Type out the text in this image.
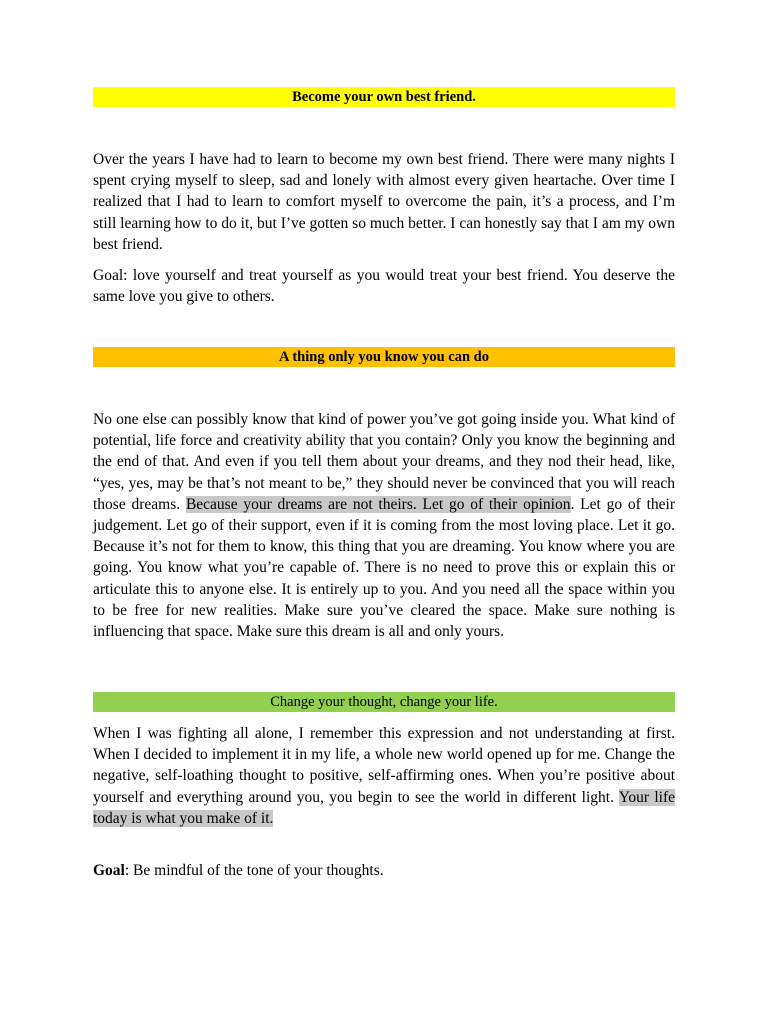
Become your own best friend.

Over the years I have had to learn to become my own best friend. There were many nights I spent crying myself to sleep, sad and lonely with almost every given heartache. Over time I realized that I had to learn to comfort myself to overcome the pain, it’s a process, and I’m still learning how to do it, but I’ve gotten so much better. I can honestly say that I am my own best friend.

Goal: love yourself and treat yourself as you would treat your best friend. You deserve the same love you give to others.

A thing only you know you can do

No one else can possibly know that kind of power you’ve got going inside you. What kind of potential, life force and creativity ability that you contain? Only you know the beginning and the end of that. And even if you tell them about your dreams, and they nod their head, like, “yes, yes, may be that’s not meant to be,” they should never be convinced that you will reach those dreams. Because your dreams are not theirs. Let go of their opinion. Let go of their judgement. Let go of their support, even if it is coming from the most loving place. Let it go. Because it’s not for them to know, this thing that you are dreaming. You know where you are going. You know what you’re capable of. There is no need to prove this or explain this or articulate this to anyone else. It is entirely up to you. And you need all the space within you to be free for new realities. Make sure you’ve cleared the space. Make sure nothing is influencing that space. Make sure this dream is all and only yours.

Change your thought, change your life.

When I was fighting all alone, I remember this expression and not understanding at first. When I decided to implement it in my life, a whole new world opened up for me. Change the negative, self-loathing thought to positive, self-affirming ones. When you’re positive about yourself and everything around you, you begin to see the world in different light. Your life today is what you make of it.

Goal: Be mindful of the tone of your thoughts.
